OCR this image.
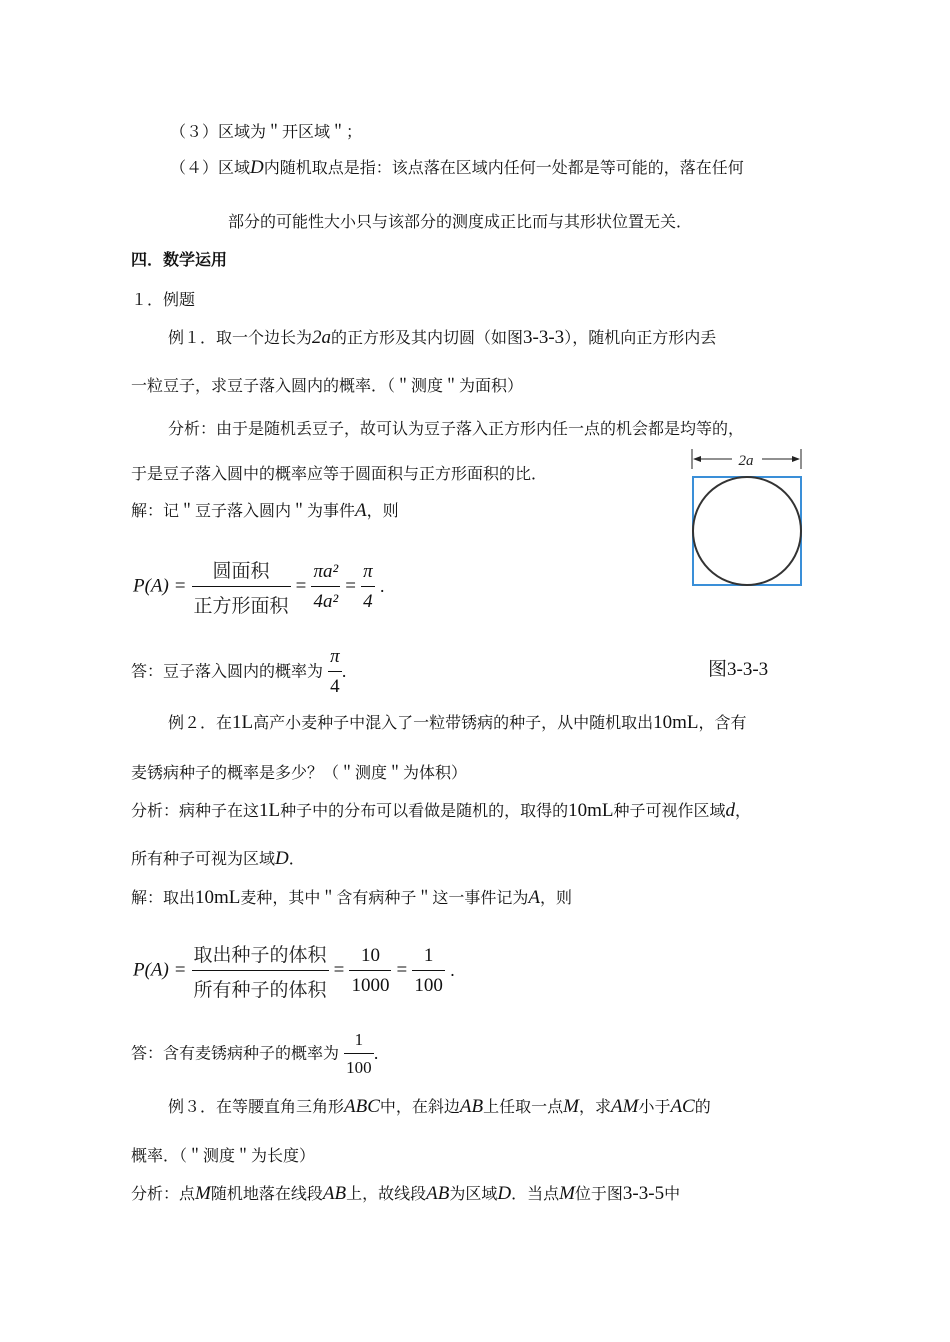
（３）区域为＂开区域＂；
（４）区域D内随机取点是指：该点落在区域内任何一处都是等可能的，落在任何
部分的可能性大小只与该部分的测度成正比而与其形状位置无关．
四．数学运用
１．例题
例１．取一个边长为2a的正方形及其内切圆（如图3‑3‑3），随机向正方形内丢
一粒豆子，求豆子落入圆内的概率．（＂测度＂为面积）
分析：由于是随机丢豆子，故可认为豆子落入正方形内任一点的机会都是均等的，
于是豆子落入圆中的概率应等于圆面积与正方形面积的比．
解：记＂豆子落入圆内＂为事件A，则
$P(A) = \frac{\text{圆面积}}{\text{正方形面积}} = \frac{\text{πa²}}{\text{4a²}} = \frac{\pi}{4}$ ．
答：豆子落入圆内的概率为 $\frac{\pi}{4}$ ．
2a
图3‑3‑3
例２．在1L高产小麦种子中混入了一粒带锈病的种子，从中随机取出10mL，含有
麦锈病种子的概率是多少？（＂测度＂为体积）
分析：病种子在这1L种子中的分布可以看做是随机的，取得的10mL种子可视作区域d，
所有种子可视为区域D．
解：取出10mL麦种，其中＂含有病种子＂这一事件记为A，则
$P(A) = \frac{\text{取出种子的体积}}{\text{所有种子的体积}} = \frac{10}{1000} = \frac{1}{100}$ ．
答：含有麦锈病种子的概率为 $\frac{1}{100}$ ．
例３．在等腰直角三角形ABC中，在斜边AB上任取一点M，求AM小于AC的
概率．（＂测度＂为长度）
分析：点M随机地落在线段AB上，故线段AB为区域D．当点M位于图3‑3‑5中
